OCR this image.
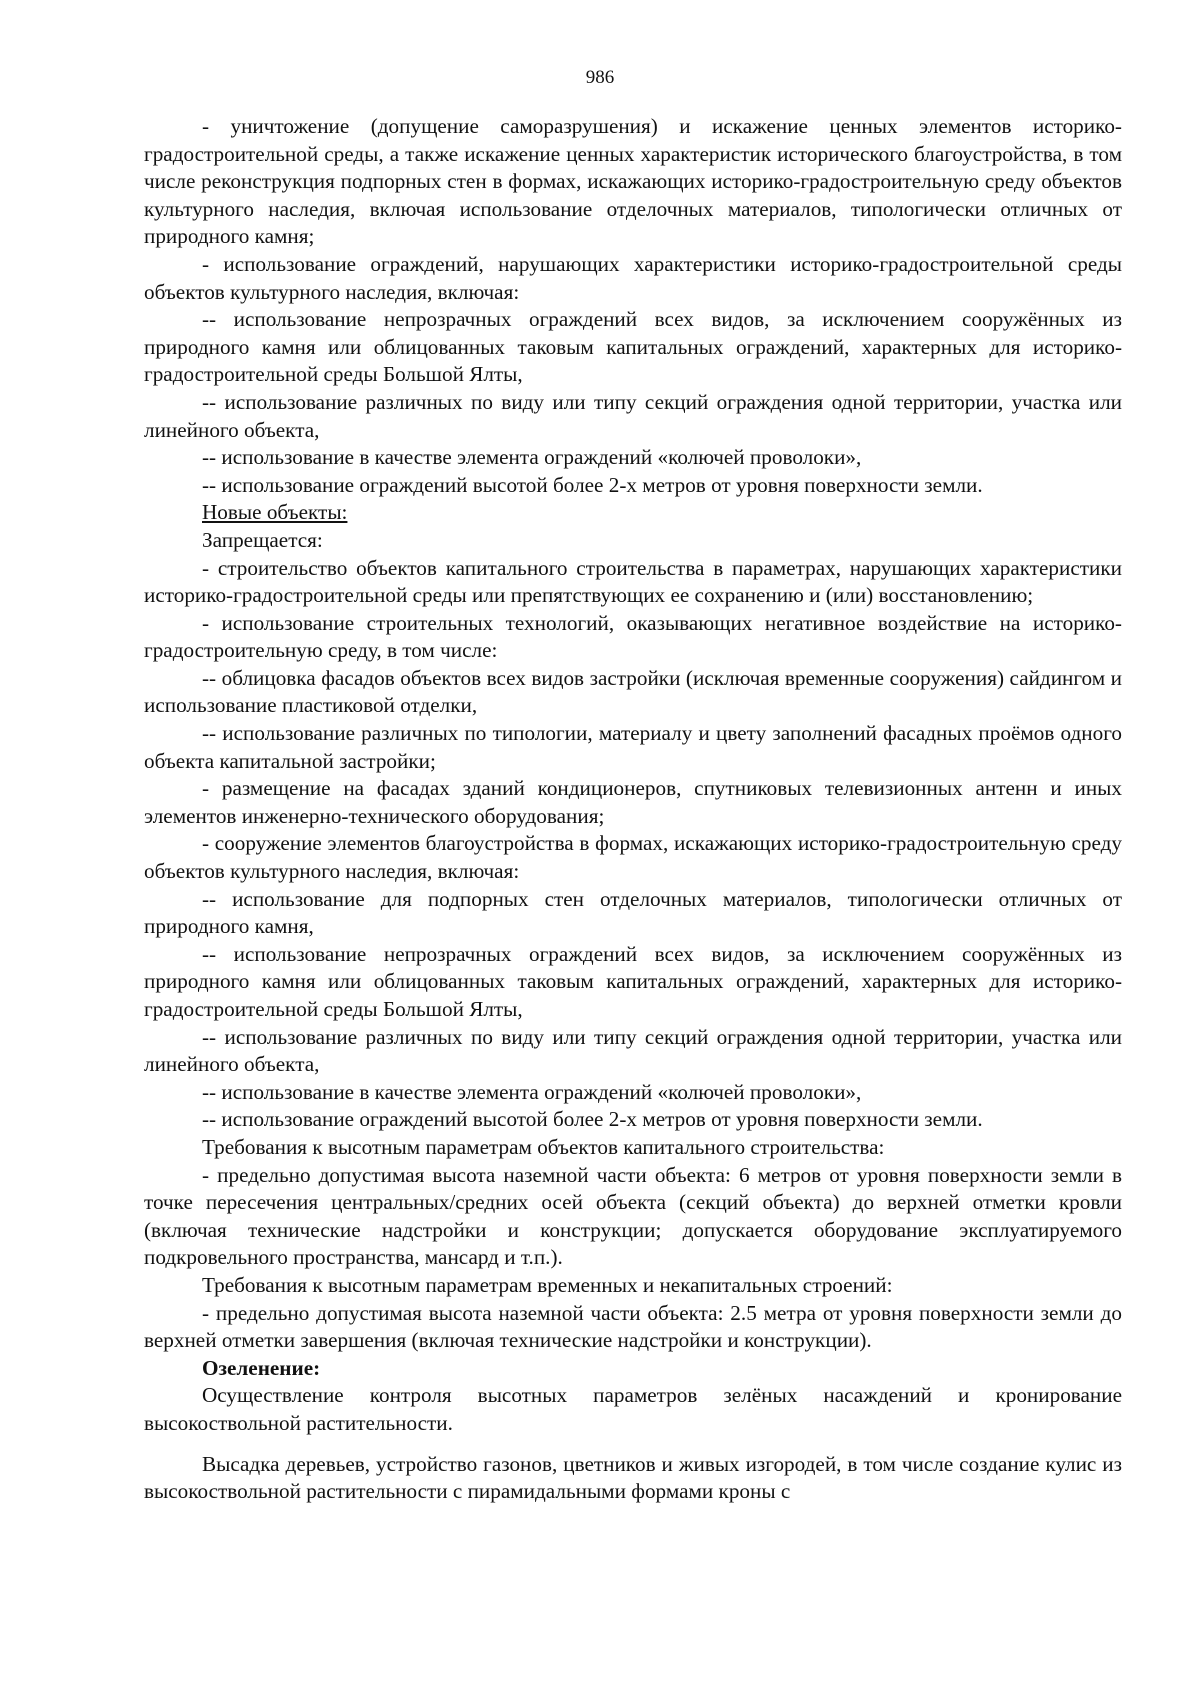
986

- уничтожение (допущение саморазрушения) и искажение ценных элементов историко-градостроительной среды, а также искажение ценных характеристик исторического благоустройства, в том числе реконструкция подпорных стен в формах, искажающих историко-градостроительную среду объектов культурного наследия, включая использование отделочных материалов, типологически отличных от природного камня;

- использование ограждений, нарушающих характеристики историко-градостроительной среды объектов культурного наследия, включая:

-- использование непрозрачных ограждений всех видов, за исключением сооружённых из природного камня или облицованных таковым капитальных ограждений, характерных для историко-градостроительной среды Большой Ялты,

-- использование различных по виду или типу секций ограждения одной территории, участка или линейного объекта,

-- использование в качестве элемента ограждений «колючей проволоки»,

-- использование ограждений высотой более 2-х метров от уровня поверхности земли.

Новые объекты:

Запрещается:

- строительство объектов капитального строительства в параметрах, нарушающих характеристики историко-градостроительной среды или препятствующих ее сохранению и (или) восстановлению;

- использование строительных технологий, оказывающих негативное воздействие на историко-градостроительную среду, в том числе:

-- облицовка фасадов объектов всех видов застройки (исключая временные сооружения) сайдингом и использование пластиковой отделки,

-- использование различных по типологии, материалу и цвету заполнений фасадных проёмов одного объекта капитальной застройки;

- размещение на фасадах зданий кондиционеров, спутниковых телевизионных антенн и иных элементов инженерно-технического оборудования;

- сооружение элементов благоустройства в формах, искажающих историко-градостроительную среду объектов культурного наследия, включая:

-- использование для подпорных стен отделочных материалов, типологически отличных от природного камня,

-- использование непрозрачных ограждений всех видов, за исключением сооружённых из природного камня или облицованных таковым капитальных ограждений, характерных для историко-градостроительной среды Большой Ялты,

-- использование различных по виду или типу секций ограждения одной территории, участка или линейного объекта,

-- использование в качестве элемента ограждений «колючей проволоки»,

-- использование ограждений высотой более 2-х метров от уровня поверхности земли.

Требования к высотным параметрам объектов капитального строительства:

- предельно допустимая высота наземной части объекта: 6 метров от уровня поверхности земли в точке пересечения центральных/средних осей объекта (секций объекта) до верхней отметки кровли (включая технические надстройки и конструкции; допускается оборудование эксплуатируемого подкровельного пространства, мансард и т.п.).

Требования к высотным параметрам временных и некапитальных строений:

- предельно допустимая высота наземной части объекта: 2.5 метра от уровня поверхности земли до верхней отметки завершения (включая технические надстройки и конструкции).

Озеленение:

Осуществление контроля высотных параметров зелёных насаждений и кронирование высокоствольной растительности.

Высадка деревьев, устройство газонов, цветников и живых изгородей, в том числе создание кулис из высокоствольной растительности с пирамидальными формами кроны с
